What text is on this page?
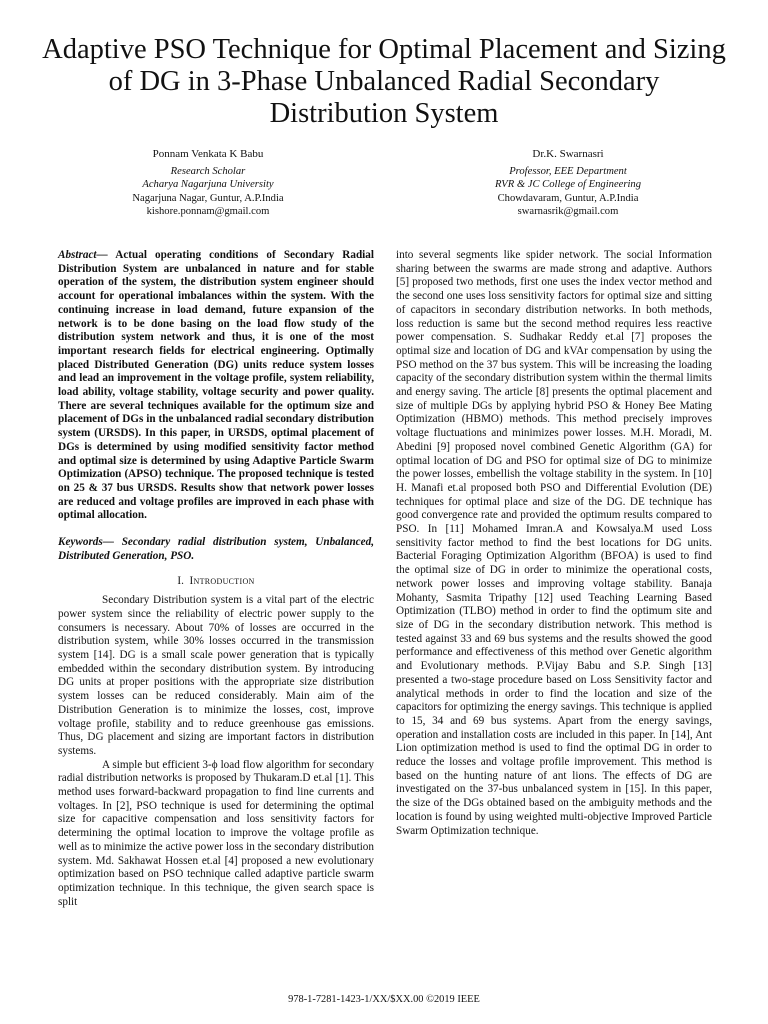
Adaptive PSO Technique for Optimal Placement and Sizing of DG in 3-Phase Unbalanced Radial Secondary Distribution System
Ponnam Venkata K Babu
Research Scholar
Acharya Nagarjuna University
Nagarjuna Nagar, Guntur, A.P.India
kishore.ponnam@gmail.com
Dr.K. Swarnasri
Professor, EEE Department
RVR & JC College of Engineering
Chowdavaram, Guntur, A.P.India
swarnasrik@gmail.com

Abstract— Actual operating conditions of Secondary Radial Distribution System are unbalanced in nature and for stable operation of the system, the distribution system engineer should account for operational imbalances within the system. With the continuing increase in load demand, future expansion of the network is to be done basing on the load flow study of the distribution system network and thus, it is one of the most important research fields for electrical engineering. Optimally placed Distributed Generation (DG) units reduce system losses and lead an improvement in the voltage profile, system reliability, load ability, voltage stability, voltage security and power quality. There are several techniques available for the optimum size and placement of DGs in the unbalanced radial secondary distribution system (URSDS). In this paper, in URSDS, optimal placement of DGs is determined by using modified sensitivity factor method and optimal size is determined by using Adaptive Particle Swarm Optimization (APSO) technique. The proposed technique is tested on 25 & 37 bus URSDS. Results show that network power losses are reduced and voltage profiles are improved in each phase with optimal allocation.

Keywords— Secondary radial distribution system, Unbalanced, Distributed Generation, PSO.

I. Introduction

Secondary Distribution system is a vital part of the electric power system since the reliability of electric power supply to the consumers is necessary. About 70% of losses are occurred in the distribution system, while 30% losses occurred in the transmission system [14]. DG is a small scale power generation that is typically embedded within the secondary distribution system. By introducing DG units at proper positions with the appropriate size distribution system losses can be reduced considerably. Main aim of the Distribution Generation is to minimize the losses, cost, improve voltage profile, stability and to reduce greenhouse gas emissions. Thus, DG placement and sizing are important factors in distribution systems.

A simple but efficient 3-ϕ load flow algorithm for secondary radial distribution networks is proposed by Thukaram.D et.al [1]. This method uses forward-backward propagation to find line currents and voltages. In [2], PSO technique is used for determining the optimal size for capacitive compensation and loss sensitivity factors for determining the optimal location to improve the voltage profile as well as to minimize the active power loss in the secondary distribution system. Md. Sakhawat Hossen et.al [4] proposed a new evolutionary optimization based on PSO technique called adaptive particle swarm optimization technique. In this technique, the given search space is split

into several segments like spider network. The social Information sharing between the swarms are made strong and adaptive. Authors [5] proposed two methods, first one uses the index vector method and the second one uses loss sensitivity factors for optimal size and sitting of capacitors in secondary distribution networks. In both methods, loss reduction is same but the second method requires less reactive power compensation. S. Sudhakar Reddy et.al [7] proposes the optimal size and location of DG and kVAr compensation by using the PSO method on the 37 bus system. This will be increasing the loading capacity of the secondary distribution system within the thermal limits and energy saving. The article [8] presents the optimal placement and size of multiple DGs by applying hybrid PSO & Honey Bee Mating Optimization (HBMO) methods. This method precisely improves voltage fluctuations and minimizes power losses. M.H. Moradi, M. Abedini [9] proposed novel combined Genetic Algorithm (GA) for optimal location of DG and PSO for optimal size of DG to minimize the power losses, embellish the voltage stability in the system. In [10] H. Manafi et.al proposed both PSO and Differential Evolution (DE) techniques for optimal place and size of the DG. DE technique has good convergence rate and provided the optimum results compared to PSO. In [11] Mohamed Imran.A and Kowsalya.M used Loss sensitivity factor method to find the best locations for DG units. Bacterial Foraging Optimization Algorithm (BFOA) is used to find the optimal size of DG in order to minimize the operational costs, network power losses and improving voltage stability. Banaja Mohanty, Sasmita Tripathy [12] used Teaching Learning Based Optimization (TLBO) method in order to find the optimum site and size of DG in the secondary distribution network. This method is tested against 33 and 69 bus systems and the results showed the good performance and effectiveness of this method over Genetic algorithm and Evolutionary methods. P.Vijay Babu and S.P. Singh [13] presented a two-stage procedure based on Loss Sensitivity factor and analytical methods in order to find the location and size of the capacitors for optimizing the energy savings. This technique is applied to 15, 34 and 69 bus systems. Apart from the energy savings, operation and installation costs are included in this paper. In [14], Ant Lion optimization method is used to find the optimal DG in order to reduce the losses and voltage profile improvement. This method is based on the hunting nature of ant lions. The effects of DG are investigated on the 37-bus unbalanced system in [15]. In this paper, the size of the DGs obtained based on the ambiguity methods and the location is found by using weighted multi-objective Improved Particle Swarm Optimization technique.

978-1-7281-1423-1/XX/$XX.00 ©2019 IEEE
